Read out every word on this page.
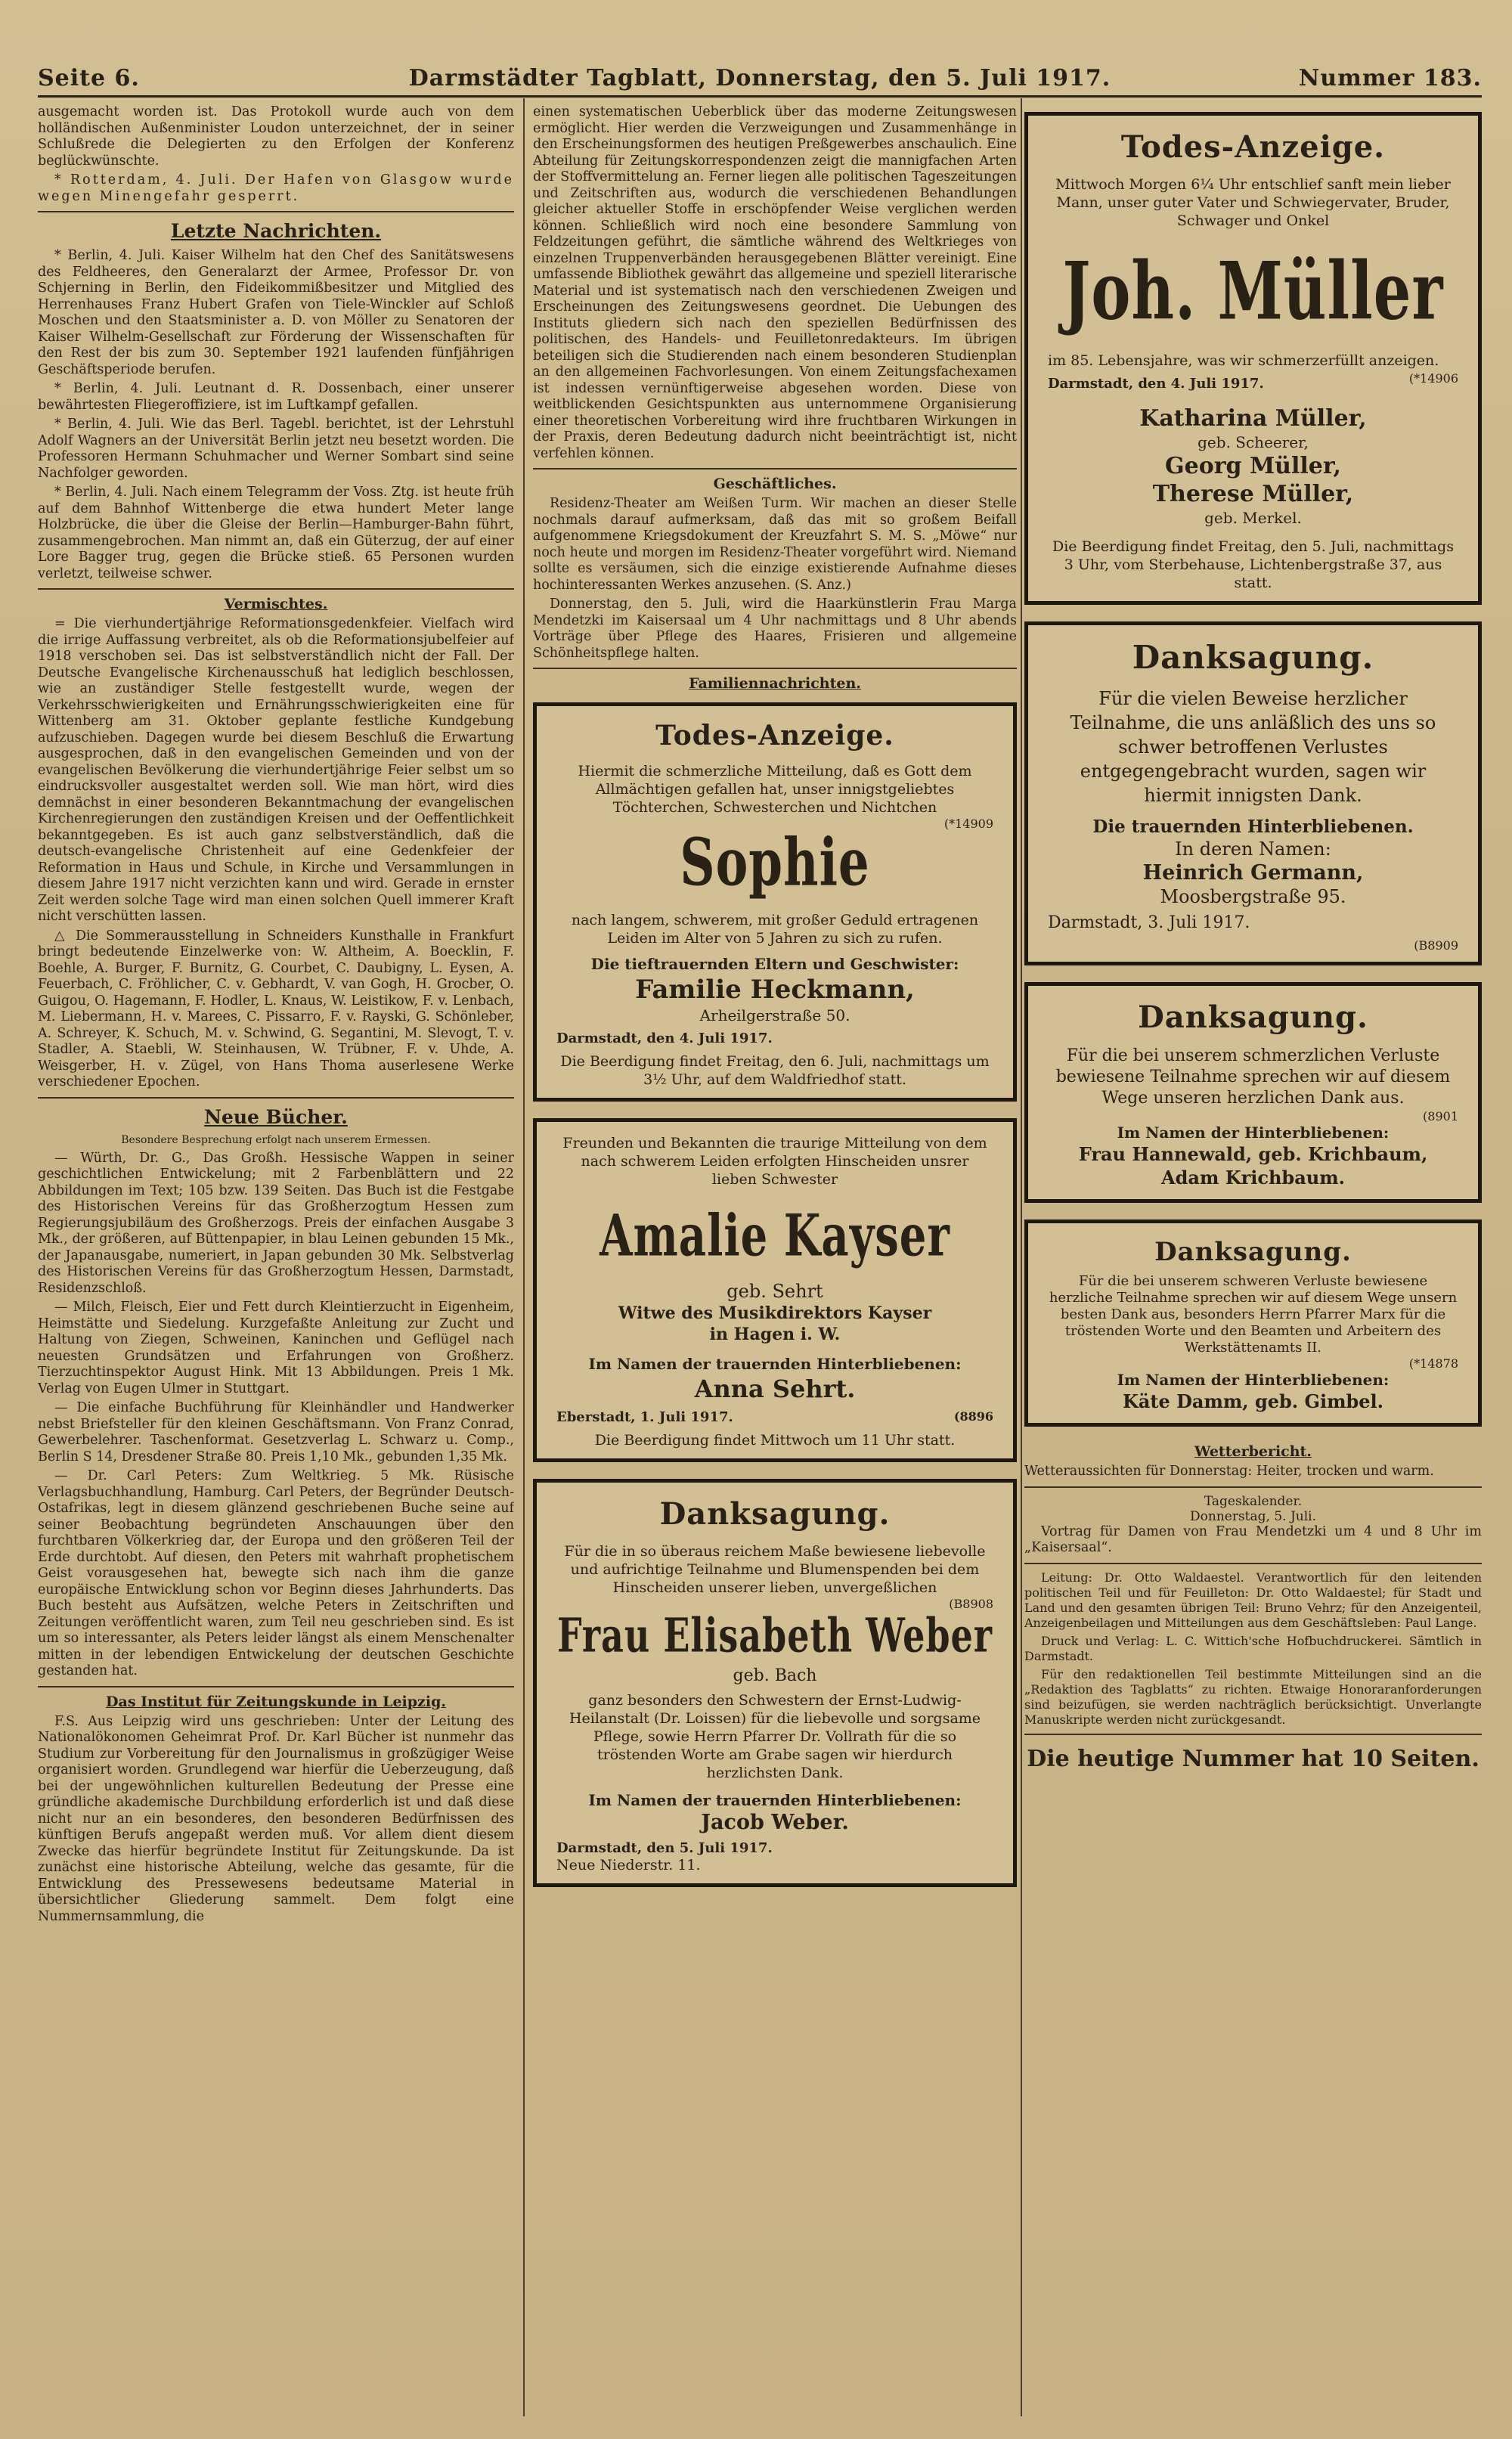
Seite 6.	Darmstädter Tagblatt, Donnerstag, den 5. Juli 1917.	Nummer 183.

ausgemacht worden ist. Das Protokoll wurde auch von dem holländischen Außenminister Loudon unterzeichnet, der in seiner Schlußrede die Delegierten zu den Erfolgen der Konferenz beglückwünschte.

* Rotterdam, 4. Juli. Der Hafen von Glasgow wurde wegen Minengefahr gesperrt.

Letzte Nachrichten.

* Berlin, 4. Juli. Kaiser Wilhelm hat den Chef des Sanitätswesens des Feldheeres, den Generalarzt der Armee, Professor Dr. von Schjerning in Berlin, den Fideikommißbesitzer und Mitglied des Herrenhauses Franz Hubert Grafen von Tiele-Winckler auf Schloß Moschen und den Staatsminister a. D. von Möller zu Senatoren der Kaiser Wilhelm-Gesellschaft zur Förderung der Wissenschaften für den Rest der bis zum 30. September 1921 laufenden fünfjährigen Geschäftsperiode berufen.

* Berlin, 4. Juli. Leutnant d. R. Dossenbach, einer unserer bewährtesten Fliegeroffiziere, ist im Luftkampf gefallen.

* Berlin, 4. Juli. Wie das Berl. Tagebl. berichtet, ist der Lehrstuhl Adolf Wagners an der Universität Berlin jetzt neu besetzt worden. Die Professoren Hermann Schuhmacher und Werner Sombart sind seine Nachfolger geworden.

* Berlin, 4. Juli. Nach einem Telegramm der Voss. Ztg. ist heute früh auf dem Bahnhof Wittenberge die etwa hundert Meter lange Holzbrücke, die über die Gleise der Berlin—Hamburger-Bahn führt, zusammengebrochen. Man nimmt an, daß ein Güterzug, der auf einer Lore Bagger trug, gegen die Brücke stieß. 65 Personen wurden verletzt, teilweise schwer.

Vermischtes.

= Die vierhundertjährige Reformationsgedenkfeier. Vielfach wird die irrige Auffassung verbreitet, als ob die Reformationsjubelfeier auf 1918 verschoben sei. Das ist selbstverständlich nicht der Fall. Der Deutsche Evangelische Kirchenausschuß hat lediglich beschlossen, wie an zuständiger Stelle festgestellt wurde, wegen der Verkehrsschwierigkeiten und Ernährungsschwierigkeiten eine für Wittenberg am 31. Oktober geplante festliche Kundgebung aufzuschieben. Dagegen wurde bei diesem Beschluß die Erwartung ausgesprochen, daß in den evangelischen Gemeinden und von der evangelischen Bevölkerung die vierhundertjährige Feier selbst um so eindrucksvoller ausgestaltet werden soll. Wie man hört, wird dies demnächst in einer besonderen Bekanntmachung der evangelischen Kirchenregierungen den zuständigen Kreisen und der Oeffentlichkeit bekanntgegeben. Es ist auch ganz selbstverständlich, daß die deutsch-evangelische Christenheit auf eine Gedenkfeier der Reformation in Haus und Schule, in Kirche und Versammlungen in diesem Jahre 1917 nicht verzichten kann und wird. Gerade in ernster Zeit werden solche Tage wird man einen solchen Quell immerer Kraft nicht verschütten lassen.

△ Die Sommerausstellung in Schneiders Kunsthalle in Frankfurt bringt bedeutende Einzelwerke von: W. Altheim, A. Boecklin, F. Boehle, A. Burger, F. Burnitz, G. Courbet, C. Daubigny, L. Eysen, A. Feuerbach, C. Fröhlicher, C. v. Gebhardt, V. van Gogh, H. Grocber, O. Guigou, O. Hagemann, F. Hodler, L. Knaus, W. Leistikow, F. v. Lenbach, M. Liebermann, H. v. Marees, C. Pissarro, F. v. Rayski, G. Schönleber, A. Schreyer, K. Schuch, M. v. Schwind, G. Segantini, M. Slevogt, T. v. Stadler, A. Staebli, W. Steinhausen, W. Trübner, F. v. Uhde, A. Weisgerber, H. v. Zügel, von Hans Thoma auserlesene Werke verschiedener Epochen.

Neue Bücher.
Besondere Besprechung erfolgt nach unserem Ermessen.

— Würth, Dr. G., Das Großh. Hessische Wappen in seiner geschichtlichen Entwickelung; mit 2 Farbenblättern und 22 Abbildungen im Text; 105 bzw. 139 Seiten. Das Buch ist die Festgabe des Historischen Vereins für das Großherzogtum Hessen zum Regierungsjubiläum des Großherzogs. Preis der einfachen Ausgabe 3 Mk., der größeren, auf Büttenpapier, in blau Leinen gebunden 15 Mk., der Japanausgabe, numeriert, in Japan gebunden 30 Mk. Selbstverlag des Historischen Vereins für das Großherzogtum Hessen, Darmstadt, Residenzschloß.

— Milch, Fleisch, Eier und Fett durch Kleintierzucht in Eigenheim, Heimstätte und Siedelung. Kurzgefaßte Anleitung zur Zucht und Haltung von Ziegen, Schweinen, Kaninchen und Geflügel nach neuesten Grundsätzen und Erfahrungen von Großherz. Tierzuchtinspektor August Hink. Mit 13 Abbildungen. Preis 1 Mk. Verlag von Eugen Ulmer in Stuttgart.

— Die einfache Buchführung für Kleinhändler und Handwerker nebst Briefsteller für den kleinen Geschäftsmann. Von Franz Conrad, Gewerbelehrer. Taschenformat. Gesetzverlag L. Schwarz u. Comp., Berlin S 14, Dresdener Straße 80. Preis 1,10 Mk., gebunden 1,35 Mk.

— Dr. Carl Peters: Zum Weltkrieg. 5 Mk. Rüsische Verlagsbuchhandlung, Hamburg. Carl Peters, der Begründer Deutsch-Ostafrikas, legt in diesem glänzend geschriebenen Buche seine auf seiner Beobachtung begründeten Anschauungen über den furchtbaren Völkerkrieg dar, der Europa und den größeren Teil der Erde durchtobt. Auf diesen, den Peters mit wahrhaft prophetischem Geist vorausgesehen hat, bewegte sich nach ihm die ganze europäische Entwicklung schon vor Beginn dieses Jahrhunderts. Das Buch besteht aus Aufsätzen, welche Peters in Zeitschriften und Zeitungen veröffentlicht waren, zum Teil neu geschrieben sind. Es ist um so interessanter, als Peters leider längst als einem Menschenalter mitten in der lebendigen Entwickelung der deutschen Geschichte gestanden hat.

Das Institut für Zeitungskunde in Leipzig.

F.S. Aus Leipzig wird uns geschrieben: Unter der Leitung des Nationalökonomen Geheimrat Prof. Dr. Karl Bücher ist nunmehr das Studium zur Vorbereitung für den Journalismus in großzügiger Weise organisiert worden. Grundlegend war hierfür die Ueberzeugung, daß bei der ungewöhnlichen kulturellen Bedeutung der Presse eine gründliche akademische Durchbildung erforderlich ist und daß diese nicht nur an ein besonderes, den besonderen Bedürfnissen des künftigen Berufs angepaßt werden muß. Vor allem dient diesem Zwecke das hierfür begründete Institut für Zeitungskunde. Da ist zunächst eine historische Abteilung, welche das gesamte, für die Entwicklung des Pressewesens bedeutsame Material in übersichtlicher Gliederung sammelt. Dem folgt eine Nummernsammlung, die

einen systematischen Ueberblick über das moderne Zeitungswesen ermöglicht. Hier werden die Verzweigungen und Zusammenhänge in den Erscheinungsformen des heutigen Preßgewerbes anschaulich. Eine Abteilung für Zeitungskorrespondenzen zeigt die mannigfachen Arten der Stoffvermittelung an. Ferner liegen alle politischen Tageszeitungen und Zeitschriften aus, wodurch die verschiedenen Behandlungen gleicher aktueller Stoffe in erschöpfender Weise verglichen werden können. Schließlich wird noch eine besondere Sammlung von Feldzeitungen geführt, die sämtliche während des Weltkrieges von einzelnen Truppenverbänden herausgegebenen Blätter vereinigt. Eine umfassende Bibliothek gewährt das allgemeine und speziell literarische Material und ist systematisch nach den verschiedenen Zweigen und Erscheinungen des Zeitungswesens geordnet. Die Uebungen des Instituts gliedern sich nach den speziellen Bedürfnissen des politischen, des Handels- und Feuilletonredakteurs. Im übrigen beteiligen sich die Studierenden nach einem besonderen Studienplan an den allgemeinen Fachvorlesungen. Von einem Zeitungsfachexamen ist indessen vernünftigerweise abgesehen worden. Diese von weitblickenden Gesichtspunkten aus unternommene Organisierung einer theoretischen Vorbereitung wird ihre fruchtbaren Wirkungen in der Praxis, deren Bedeutung dadurch nicht beeinträchtigt ist, nicht verfehlen können.

Geschäftliches.

Residenz-Theater am Weißen Turm. Wir machen an dieser Stelle nochmals darauf aufmerksam, daß das mit so großem Beifall aufgenommene Kriegsdokument der Kreuzfahrt S. M. S. „Möwe“ nur noch heute und morgen im Residenz-Theater vorgeführt wird. Niemand sollte es versäumen, sich die einzige existierende Aufnahme dieses hochinteressanten Werkes anzusehen. (S. Anz.)

Donnerstag, den 5. Juli, wird die Haarkünstlerin Frau Marga Mendetzki im Kaisersaal um 4 Uhr nachmittags und 8 Uhr abends Vorträge über Pflege des Haares, Frisieren und allgemeine Schönheitspflege halten.

Familiennachrichten.
Todes-Anzeige.
Hiermit die schmerzliche Mitteilung, daß es Gott dem Allmächtigen gefallen hat, unser innigstgeliebtes Töchterchen, Schwesterchen und Nichtchen
(*14909
Sophie
nach langem, schwerem, mit großer Geduld ertragenen Leiden im Alter von 5 Jahren zu sich zu rufen.
Die tieftrauernden Eltern und Geschwister:
Familie Heckmann,
Arheilgerstraße 50.
Darmstadt, den 4. Juli 1917.
Die Beerdigung findet Freitag, den 6. Juli, nachmittags um 3½ Uhr, auf dem Waldfriedhof statt.
Freunden und Bekannten die traurige Mitteilung von dem nach schwerem Leiden erfolgten Hinscheiden unsrer lieben Schwester
Amalie Kayser
geb. Sehrt
Witwe des Musikdirektors Kayser
in Hagen i. W.
Im Namen der trauernden Hinterbliebenen:
Anna Sehrt.
Eberstadt, 1. Juli 1917.	(8896
Die Beerdigung findet Mittwoch um 11 Uhr statt.
Danksagung.
Für die in so überaus reichem Maße bewiesene liebevolle und aufrichtige Teilnahme und Blumenspenden bei dem Hinscheiden unserer lieben, unvergeßlichen
(B8908
Frau Elisabeth Weber
geb. Bach
ganz besonders den Schwestern der Ernst-Ludwig-Heilanstalt (Dr. Loissen) für die liebevolle und sorgsame Pflege, sowie Herrn Pfarrer Dr. Vollrath für die so tröstenden Worte am Grabe sagen wir hierdurch herzlichsten Dank.
Im Namen der trauernden Hinterbliebenen:
Jacob Weber.
Darmstadt, den 5. Juli 1917.
Neue Niederstr. 11.
Todes-Anzeige.
Mittwoch Morgen 6¼ Uhr entschlief sanft mein lieber Mann, unser guter Vater und Schwiegervater, Bruder, Schwager und Onkel
Joh. Müller
im 85. Lebensjahre, was wir schmerzerfüllt anzeigen.
(*14906
Darmstadt, den 4. Juli 1917.
Katharina Müller,
geb. Scheerer,
Georg Müller,
Therese Müller,
geb. Merkel.
Die Beerdigung findet Freitag, den 5. Juli, nachmittags 3 Uhr, vom Sterbehause, Lichtenbergstraße 37, aus statt.
Danksagung.
Für die vielen Beweise herzlicher Teilnahme, die uns anläßlich des uns so schwer betroffenen Verlustes entgegengebracht wurden, sagen wir hiermit innigsten Dank.
Die trauernden Hinterbliebenen.
In deren Namen:
Heinrich Germann,
Moosbergstraße 95.
Darmstadt, 3. Juli 1917.
(B8909
Danksagung.
Für die bei unserem schmerzlichen Verluste bewiesene Teilnahme sprechen wir auf diesem Wege unseren herzlichen Dank aus.
(8901
Im Namen der Hinterbliebenen:
Frau Hannewald, geb. Krichbaum,
Adam Krichbaum.
Danksagung.
Für die bei unserem schweren Verluste bewiesene herzliche Teilnahme sprechen wir auf diesem Wege unsern besten Dank aus, besonders Herrn Pfarrer Marx für die tröstenden Worte und den Beamten und Arbeitern des Werkstättenamts II.
(*14878
Im Namen der Hinterbliebenen:
Käte Damm, geb. Gimbel.
Wetterbericht.

Wetteraussichten für Donnerstag: Heiter, trocken und warm.

Tageskalender.
Donnerstag, 5. Juli.

Vortrag für Damen von Frau Mendetzki um 4 und 8 Uhr im „Kaisersaal“.

Leitung: Dr. Otto Waldaestel. Verantwortlich für den leitenden politischen Teil und für Feuilleton: Dr. Otto Waldaestel; für Stadt und Land und den gesamten übrigen Teil: Bruno Vehrz; für den Anzeigenteil, Anzeigenbeilagen und Mitteilungen aus dem Geschäftsleben: Paul Lange.

Druck und Verlag: L. C. Wittich'sche Hofbuchdruckerei. Sämtlich in Darmstadt.

Für den redaktionellen Teil bestimmte Mitteilungen sind an die „Redaktion des Tagblatts“ zu richten. Etwaige Honoraranforderungen sind beizufügen, sie werden nachträglich berücksichtigt. Unverlangte Manuskripte werden nicht zurückgesandt.

Die heutige Nummer hat 10 Seiten.
